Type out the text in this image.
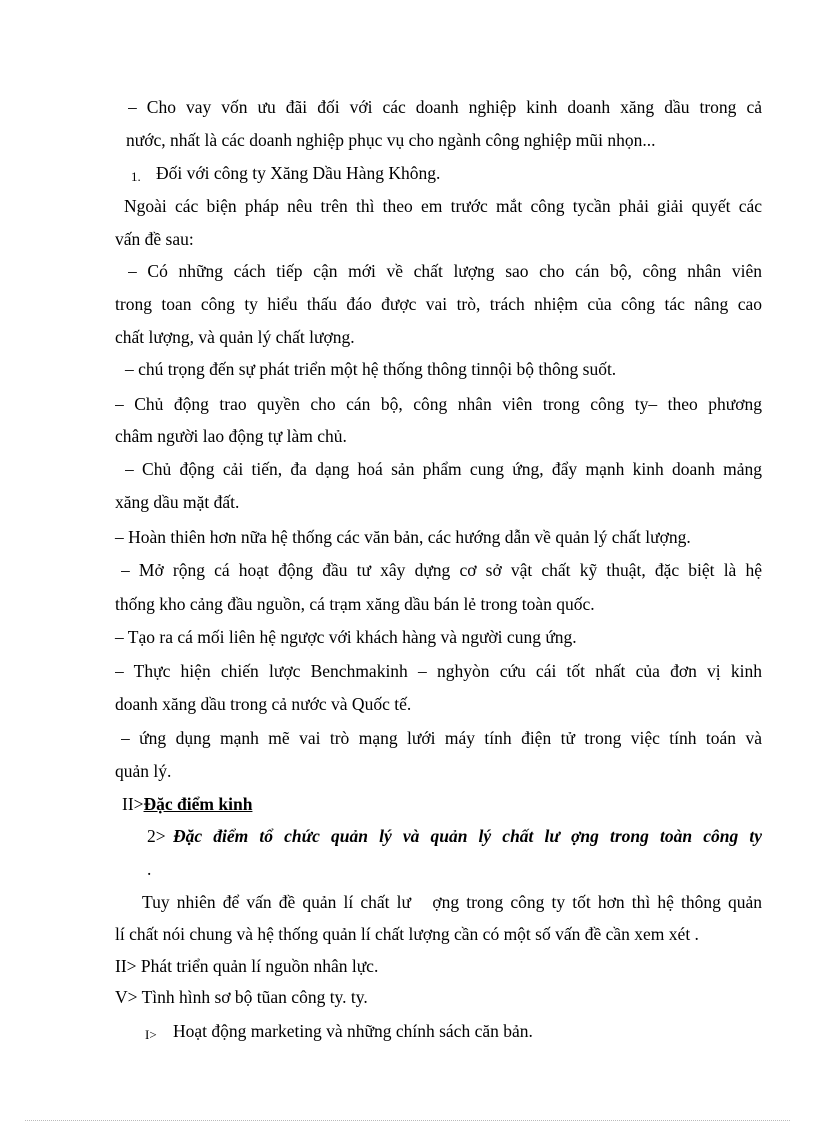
– Cho vay vốn ưu đãi đối với các doanh nghiệp kinh doanh xăng dầu trong cả
nước, nhất là các doanh nghiệp phục vụ cho ngành công nghiệp mũi nhọn...
1. Đối với công ty Xăng Dầu Hàng Không.
Ngoài các biện pháp nêu trên thì theo em trước mắt công tycần phải giải quyết các
vấn đề sau:
– Có những cách tiếp cận mới về chất lượng sao cho cán bộ, công nhân viên
trong toan công ty hiểu thấu đáo được vai trò, trách nhiệm của công tác nâng cao
chất lượng, và quản lý chất lượng.
– chú trọng đến sự phát triển một hệ thống thông tinnội bộ thông suốt.
– Chủ động trao quyền cho cán bộ, công nhân viên trong công ty– theo phương
châm người lao động tự làm chủ.
– Chủ động cải tiến, đa dạng hoá sản phẩm cung ứng, đẩy mạnh kinh doanh mảng
xăng dầu mặt đất.
– Hoàn thiên hơn nữa hệ thống các văn bản, các hướng dẫn về quản lý chất lượng.
– Mở rộng cá hoạt động đầu tư xây dựng cơ sở vật chất kỹ thuật, đặc biệt là hệ
thống kho cảng đầu nguồn, cá trạm xăng dầu bán lẻ trong toàn quốc.
– Tạo ra cá mối liên hệ ngược với khách hàng và người cung ứng.
– Thực hiện chiến lược Benchmakinh – nghyòn cứu cái tốt nhất của đơn vị kinh
doanh xăng dầu trong cả nước và Quốc tế.
– ứng dụng mạnh mẽ vai trò mạng lưới máy tính điện tử trong việc tính toán và
quản lý.
II>Đặc điểm kinh
2> Đặc điểm tổ chức quản lý và quản lý chất lư ợng trong toàn công ty
.
Tuy nhiên để vấn đề quản lí chất lư   ợng trong công ty tốt hơn thì hệ thông quản
lí chất nói chung và hệ thống quản lí chất lượng cần có một số vấn đề cần xem xét .
II> Phát triển quản lí nguồn nhân lực.
V> Tình hình sơ bộ tũan công ty. ty.
I> Hoạt động marketing và những chính sách căn bản.
